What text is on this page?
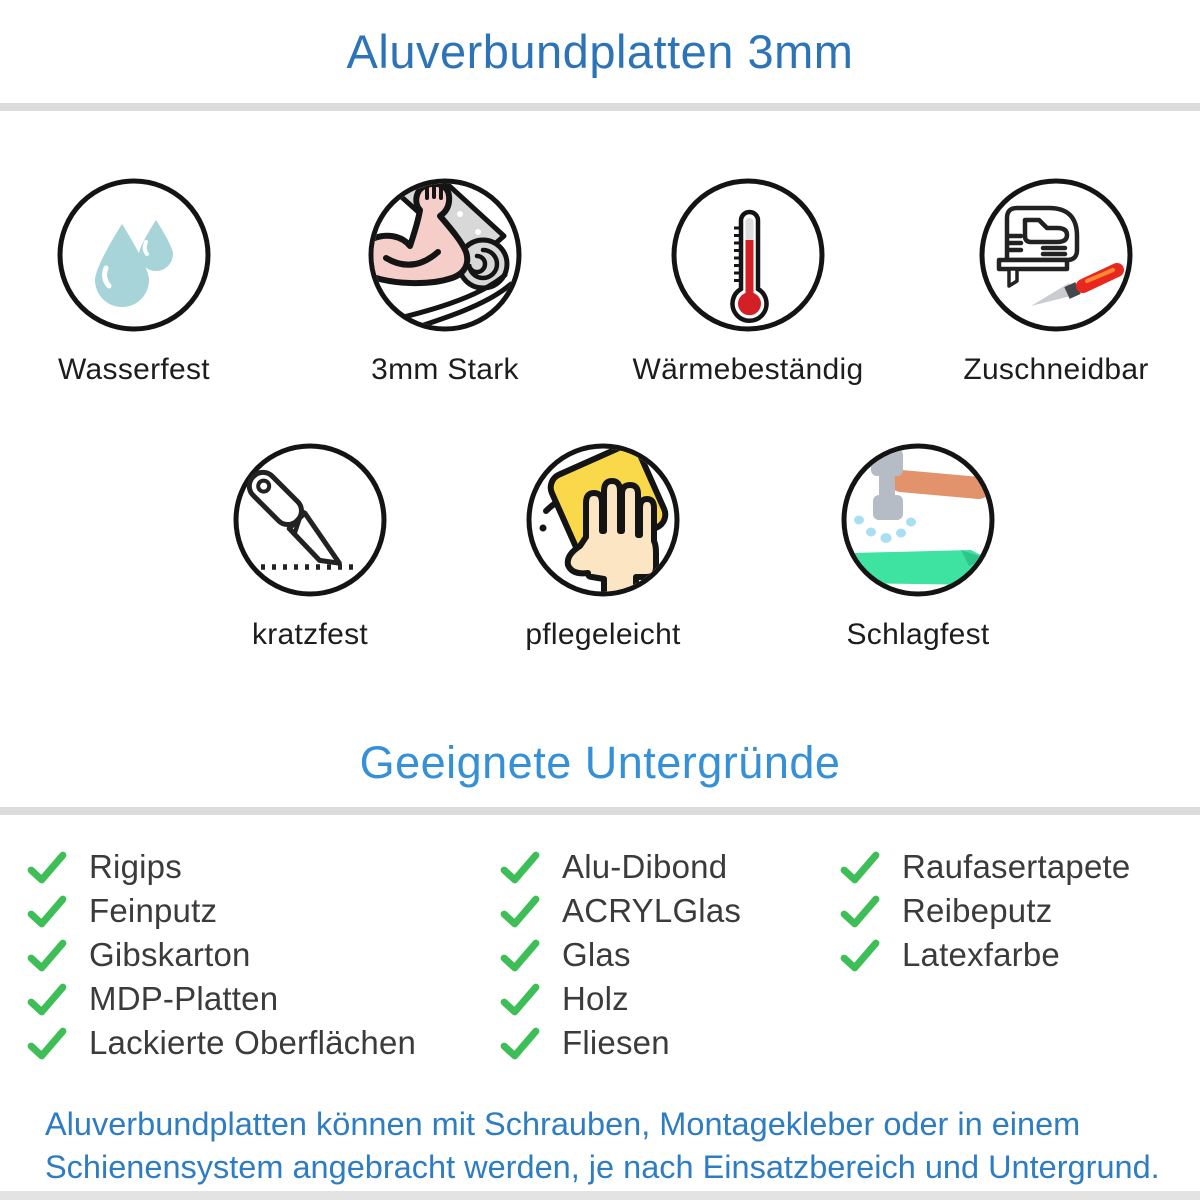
Aluverbundplatten 3mm
Wasserfest	3mm Stark	Wärmebeständig	Zuschneidbar
kratzfest	pflegeleicht	Schlagfest
Geeignete Untergründe
Rigips
Feinputz
Gibskarton
MDP-Platten
Lackierte Oberflächen
Alu-Dibond
ACRYLGlas
Glas
Holz
Fliesen
Raufasertapete
Reibeputz
Latexfarbe
Aluverbundplatten können mit Schrauben, Montagekleber oder in einem
Schienensystem angebracht werden, je nach Einsatzbereich und Untergrund.
